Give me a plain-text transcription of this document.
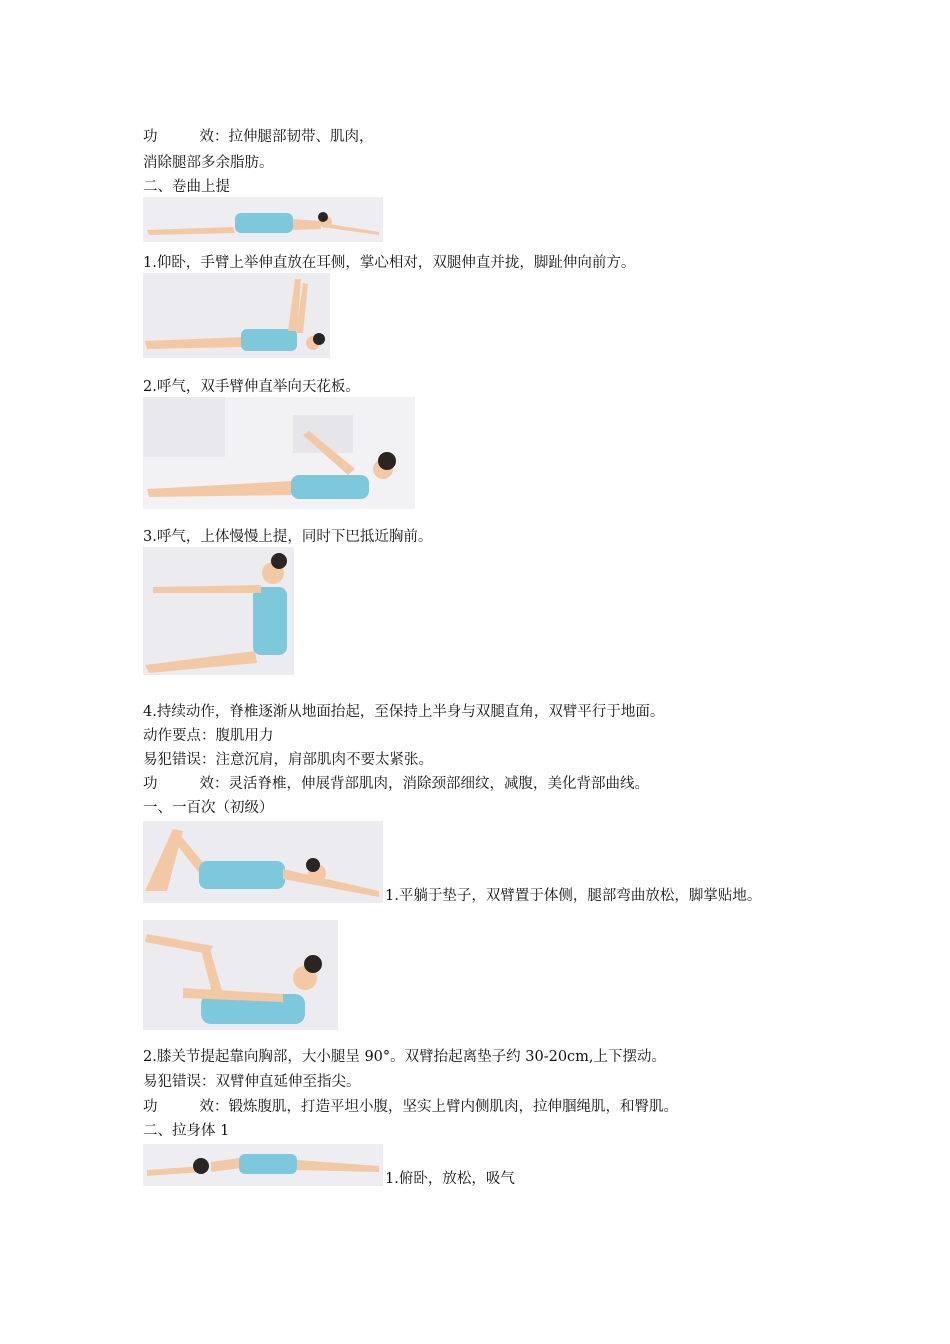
功	效：拉伸腿部韧带、肌肉，
消除腿部多余脂肪。
二、卷曲上提
1.仰卧，手臂上举伸直放在耳侧，掌心相对，双腿伸直并拢，脚趾伸向前方。
2.呼气，双手臂伸直举向天花板。
3.呼气，上体慢慢上提，同时下巴抵近胸前。
4.持续动作，脊椎逐渐从地面抬起，至保持上半身与双腿直角，双臂平行于地面。
动作要点：腹肌用力
易犯错误：注意沉肩，肩部肌肉不要太紧张。
功	效：灵活脊椎，伸展背部肌肉，消除颈部细纹，减腹，美化背部曲线。
一、一百次（初级）
1.平躺于垫子，双臂置于体侧，腿部弯曲放松，脚掌贴地。
2.膝关节提起靠向胸部，大小腿呈 90°。双臂抬起离垫子约 30-20cm,上下摆动。
易犯错误：双臂伸直延伸至指尖。
功	效：锻炼腹肌，打造平坦小腹，坚实上臂内侧肌肉，拉伸腘绳肌，和臀肌。
二、拉身体 1
1.俯卧，放松，吸气
